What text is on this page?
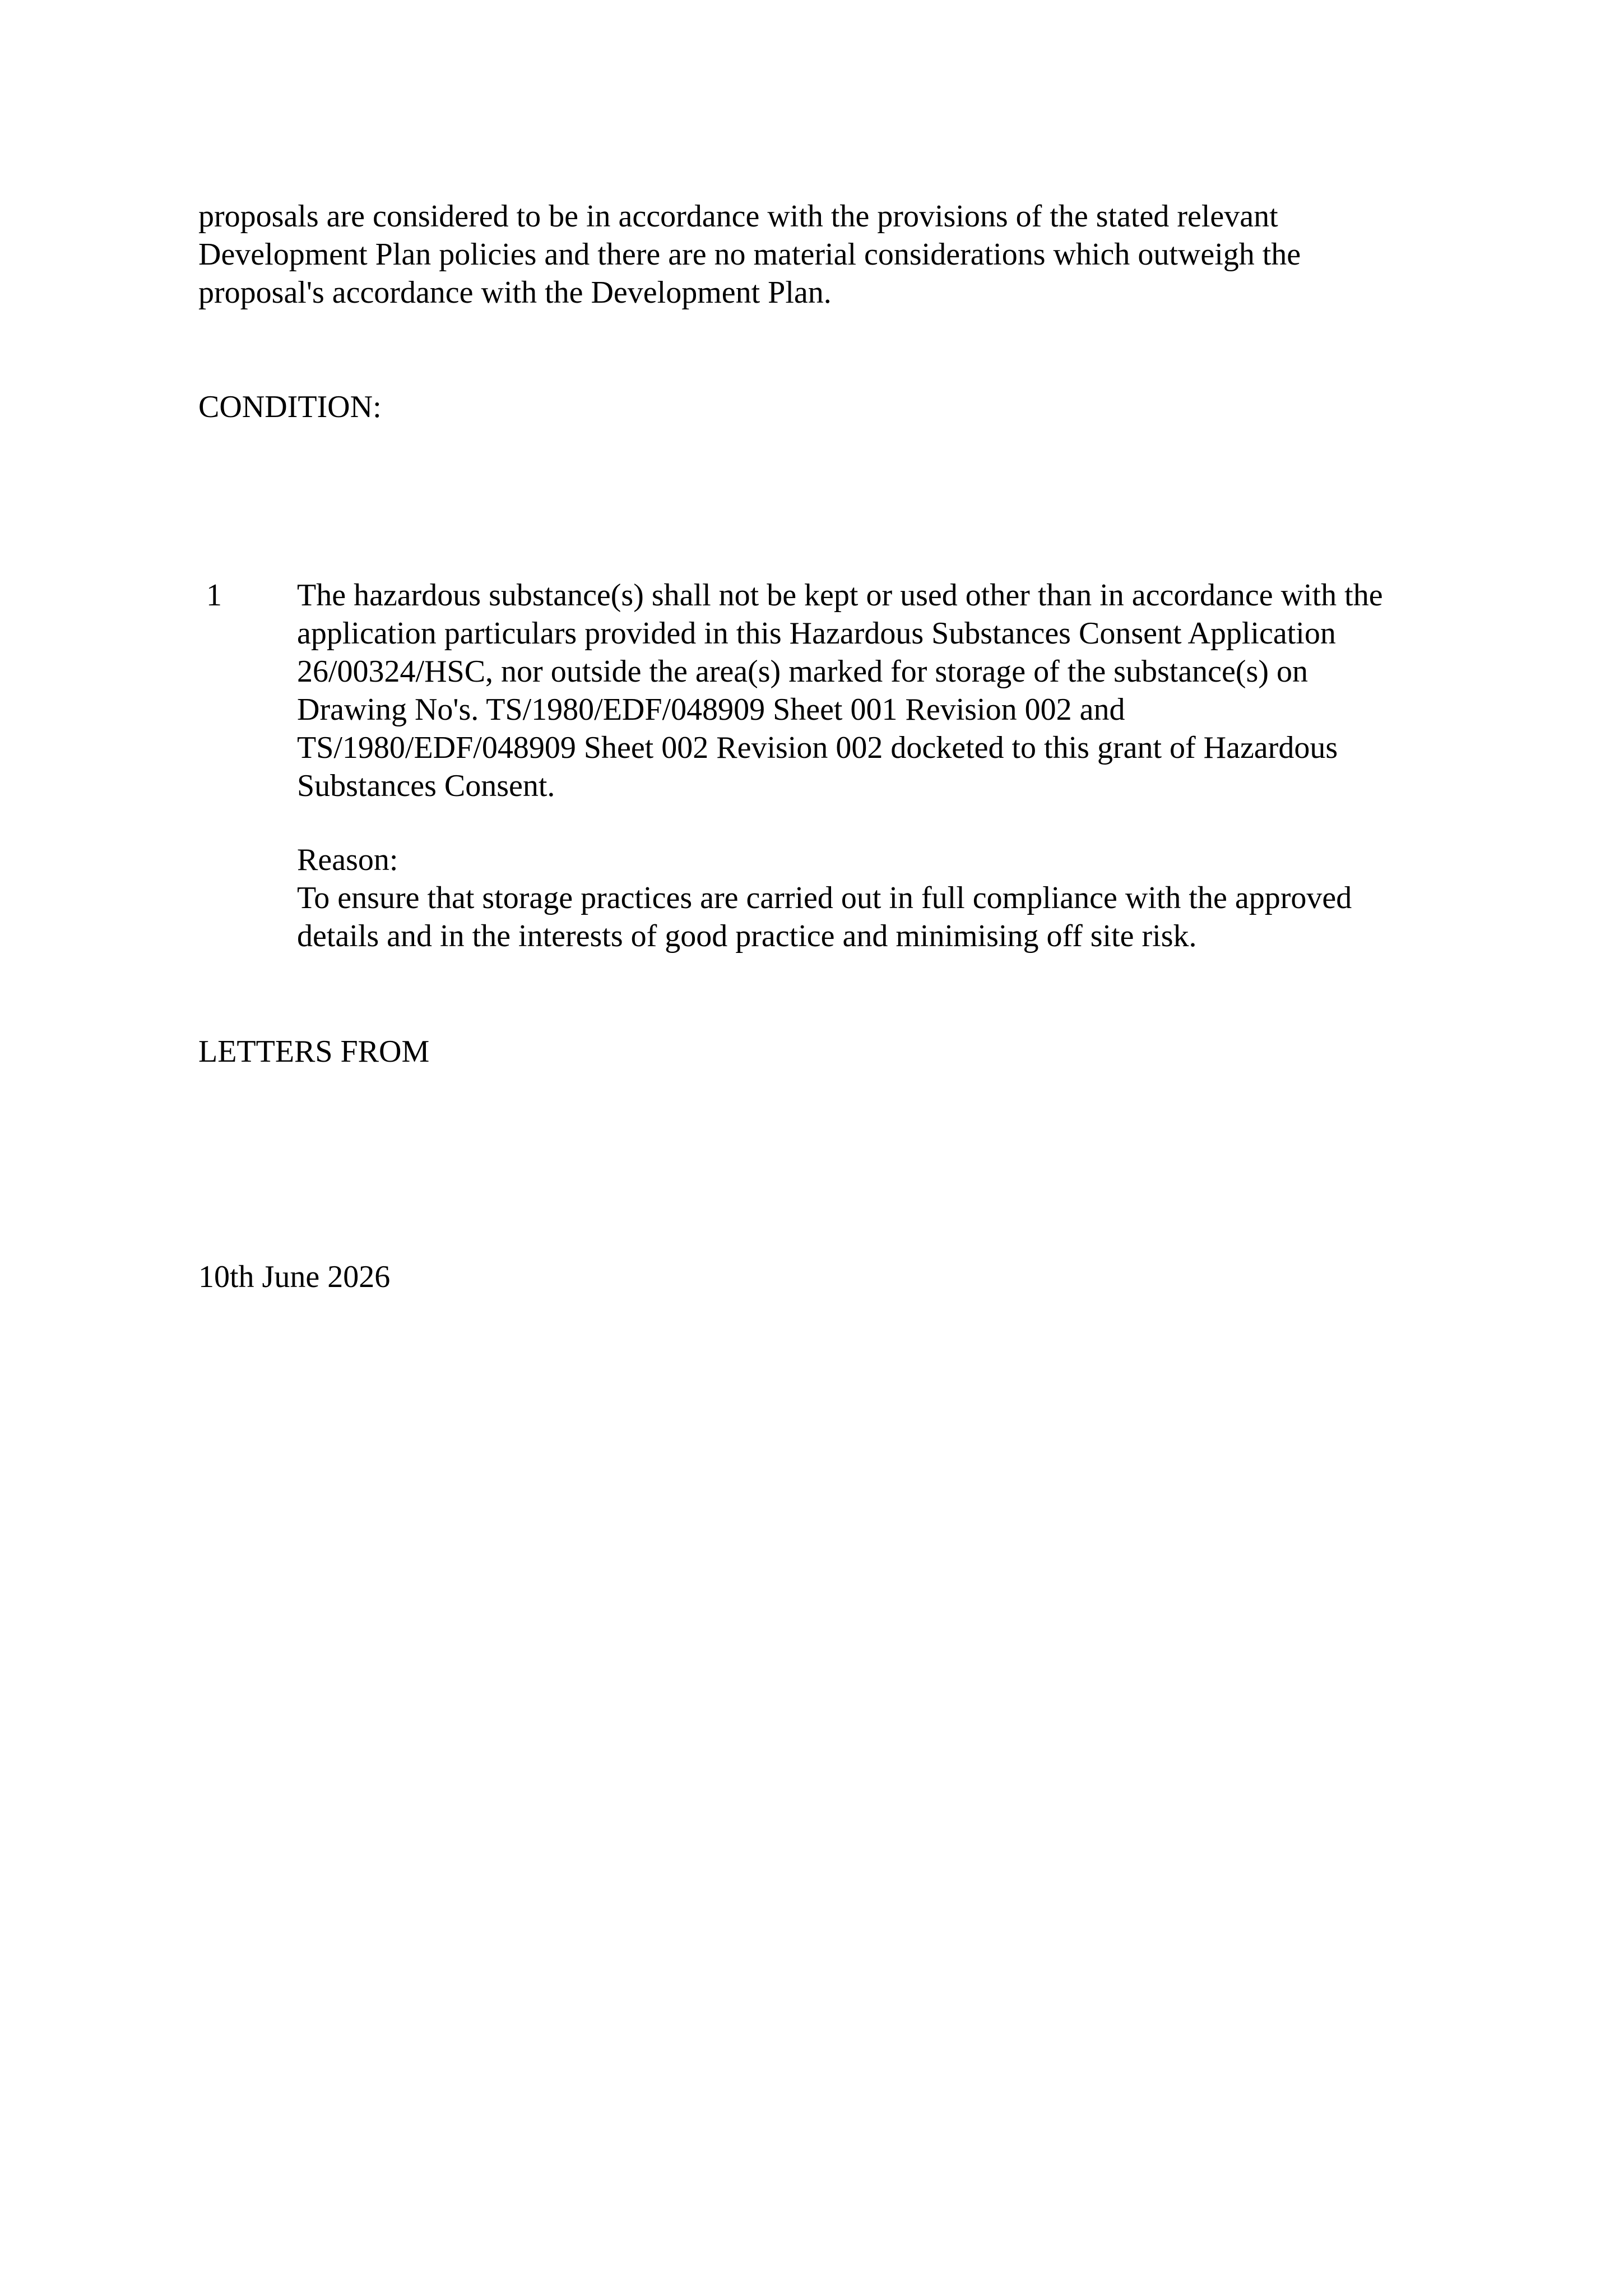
proposals are considered to be in accordance with the provisions of the stated relevant
Development Plan policies and there are no material considerations which outweigh the
proposal's accordance with the Development Plan.

CONDITION:
1 The hazardous substance(s) shall not be kept or used other than in accordance with the
application particulars provided in this Hazardous Substances Consent Application
26/00324/HSC, nor outside the area(s) marked for storage of the substance(s) on
Drawing No's. TS/1980/EDF/048909 Sheet 001 Revision 002 and
TS/1980/EDF/048909 Sheet 002 Revision 002 docketed to this grant of Hazardous
Substances Consent.
Reason:
To ensure that storage practices are carried out in full compliance with the approved
details and in the interests of good practice and minimising off site risk.
LETTERS FROM
10th June 2026
